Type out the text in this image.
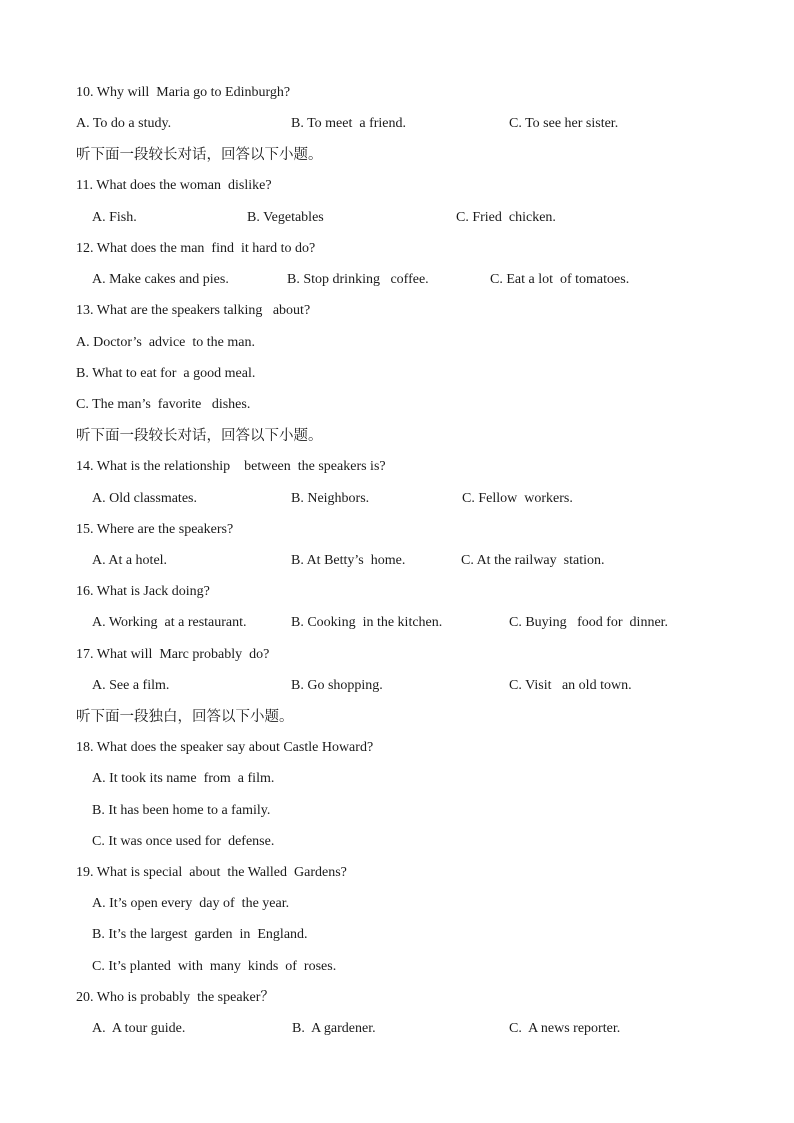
10. Why will  Maria go to Edinburgh?
A. To do a study.	B. To meet  a friend.	C. To see her sister.
听下面一段较长对话，回答以下小题。
11. What does the woman  dislike?
A. Fish.	B. Vegetables	C. Fried  chicken.
12. What does the man  find  it hard to do?
A. Make cakes and pies.	B. Stop drinking   coffee.	C. Eat a lot  of tomatoes.
13. What are the speakers talking   about?
A. Doctor’s  advice  to the man.
B. What to eat for  a good meal.
C. The man’s  favorite   dishes.
听下面一段较长对话，回答以下小题。
14. What is the relationship    between  the speakers is?
A. Old classmates.	B. Neighbors.	C. Fellow  workers.
15. Where are the speakers?
A. At a hotel.	B. At Betty’s  home.	C. At the railway  station.
16. What is Jack doing?
A. Working  at a restaurant.	B. Cooking  in the kitchen.	C. Buying   food for  dinner.
17. What will  Marc probably  do?
A. See a film.	B. Go shopping.	C. Visit   an old town.
听下面一段独白，回答以下小题。
18. What does the speaker say about Castle Howard?
A. It took its name  from  a film.
B. It has been home to a family.
C. It was once used for  defense.
19. What is special  about  the Walled  Gardens?
A. It’s open every  day of  the year.
B. It’s the largest  garden  in  England.
C. It’s planted  with  many  kinds  of  roses.
20. Who is probably  the speaker？
A.  A tour guide.	B.  A gardener.	C.  A news reporter.
